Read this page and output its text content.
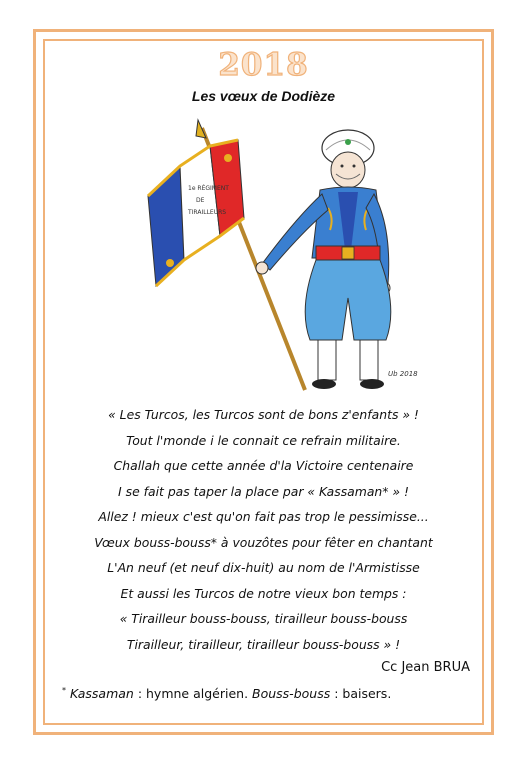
2018
Les vœux de Dodièze
1e RÉGIMENT
DE
TIRAILLEURS
Ub 2018
« Les Turcos, les Turcos sont de bons z'enfants » !
Tout l'monde i le connait ce refrain militaire.
Challah que cette année d'la Victoire centenaire
I se fait pas taper la place par « Kassaman* » !
Allez ! mieux c'est qu'on fait pas trop le pessimisse...
Vœux bouss-bouss* à vouzôtes pour fêter en chantant
L'An neuf (et neuf dix-huit) au nom de l'Armistisse
Et aussi les Turcos de notre vieux bon temps :
« Tirailleur bouss-bouss, tirailleur bouss-bouss
Tirailleur, tirailleur, tirailleur bouss-bouss » !
Cc Jean BRUA
* Kassaman : hymne algérien. Bouss-bouss : baisers.
